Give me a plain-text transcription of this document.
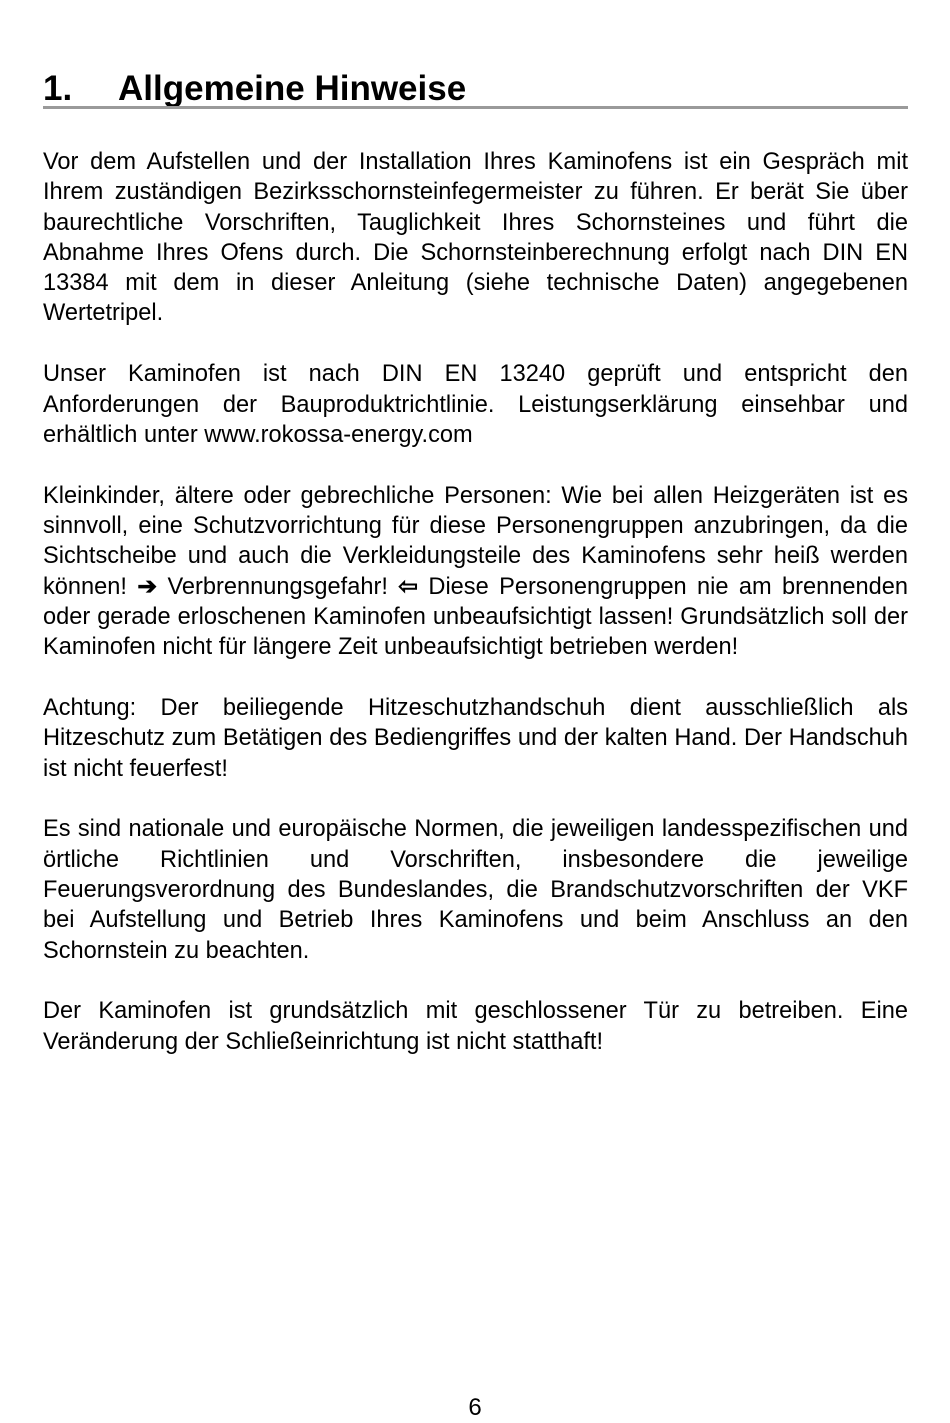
1. Allgemeine Hinweise

Vor dem Aufstellen und der Installation Ihres Kaminofens ist ein Gespräch mit Ihrem zuständigen Bezirksschornsteinfegermeister zu führen. Er berät Sie über baurechtliche Vorschriften, Tauglichkeit Ihres Schornsteines und führt die Abnahme Ihres Ofens durch. Die Schornsteinberechnung erfolgt nach DIN EN 13384 mit dem in dieser Anleitung (siehe technische Daten) angegebenen Wertetripel.

Unser Kaminofen ist nach DIN EN 13240 geprüft und entspricht den Anforderungen der Bauproduktrichtlinie. Leistungserklärung einsehbar und erhältlich unter www.rokossa-energy.com

Kleinkinder, ältere oder gebrechliche Personen: Wie bei allen Heizgeräten ist es sinnvoll, eine Schutzvorrichtung für diese Personengruppen anzubringen, da die Sichtscheibe und auch die Verkleidungsteile des Kaminofens sehr heiß werden können! ➔ Verbrennungsgefahr! ⇦ Diese Personengruppen nie am brennenden oder gerade erloschenen Kaminofen unbeaufsichtigt lassen! Grundsätzlich soll der Kaminofen nicht für längere Zeit unbeaufsichtigt betrieben werden!

Achtung: Der beiliegende Hitzeschutzhandschuh dient ausschließlich als Hitzeschutz zum Betätigen des Bediengriffes und der kalten Hand. Der Handschuh ist nicht feuerfest!

Es sind nationale und europäische Normen, die jeweiligen landesspezifischen und örtliche Richtlinien und Vorschriften, insbesondere die jeweilige Feuerungsverordnung des Bundeslandes, die Brandschutzvorschriften der VKF bei Aufstellung und Betrieb Ihres Kaminofens und beim Anschluss an den Schornstein zu beachten.

Der Kaminofen ist grundsätzlich mit geschlossener Tür zu betreiben. Eine Veränderung der Schließeinrichtung ist nicht statthaft!

6
